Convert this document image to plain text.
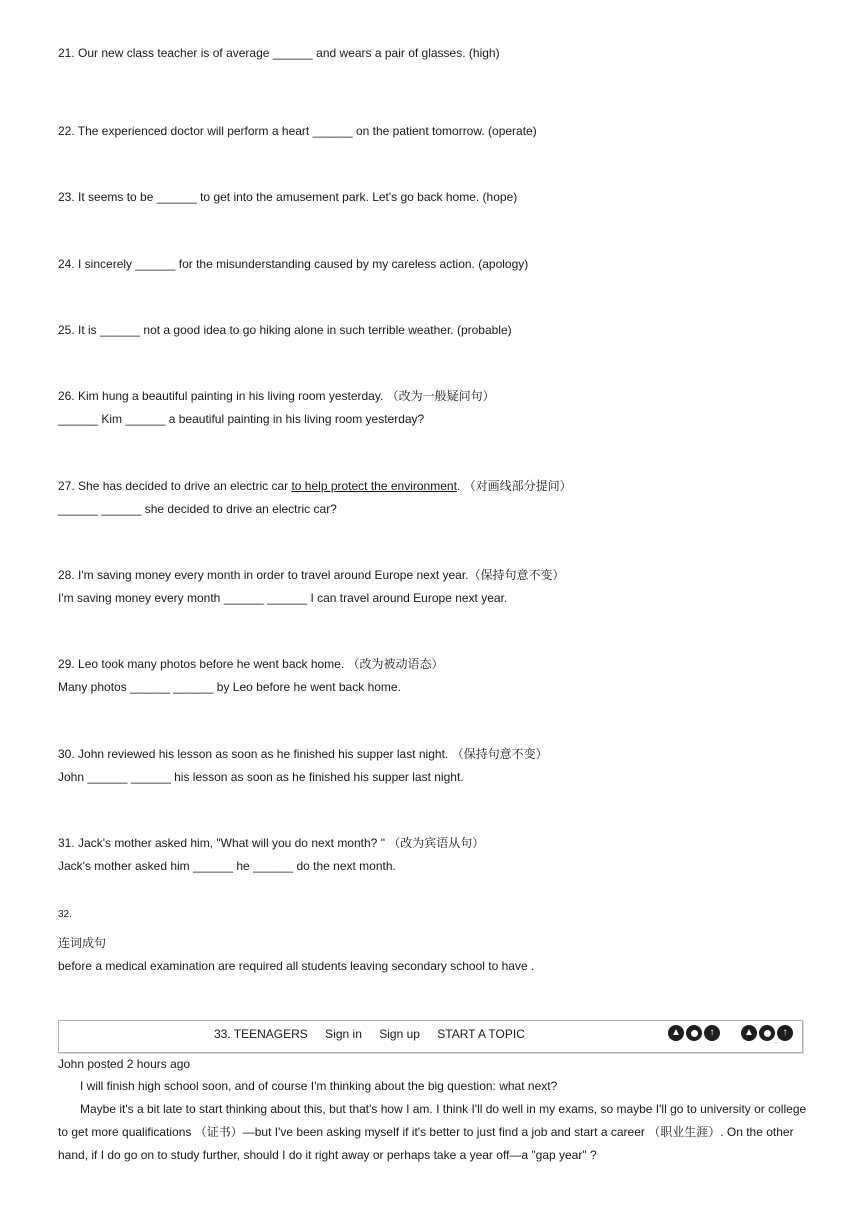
21. Our new class teacher is of average ______ and wears a pair of glasses. (high)
22. The experienced doctor will perform a heart ______ on the patient tomorrow. (operate)
23. It seems to be ______ to get into the amusement park. Let's go back home. (hope)
24. I sincerely ______ for the misunderstanding caused by my careless action. (apology)
25. It is ______ not a good idea to go hiking alone in such terrible weather. (probable)
26. Kim hung a beautiful painting in his living room yesterday. （改为一般疑问句）
______ Kim ______ a beautiful painting in his living room yesterday?
27. She has decided to drive an electric car to help protect the environment. （对画线部分提问）
______ ______ she decided to drive an electric car?
28. I'm saving money every month in order to travel around Europe next year.（保持句意不变）
I'm saving money every month ______ ______ I can travel around Europe next year.
29. Leo took many photos before he went back home. （改为被动语态）
Many photos ______ ______ by Leo before he went back home.
30. John reviewed his lesson as soon as he finished his supper last night. （保持句意不变）
John ______ ______ his lesson as soon as he finished his supper last night.
31. Jack's mother asked him, "What will you do next month? " （改为宾语从句）
Jack's mother asked him ______ he ______ do the next month.
32.
连词成句
before a medical examination are required all students leaving secondary school to have .
33. TEENAGERS Sign in Sign up START A TOPIC	▲	↑	▲	↑
John posted 2 hours ago
I will finish high school soon, and of course I'm thinking about the big question: what next?
Maybe it's a bit late to start thinking about this, but that's how I am. I think I'll do well in my exams, so maybe I'll go to university or college to get more qualifications （证书）—but I've been asking myself if it's better to just find a job and start a career （职业生涯）. On the other hand, if I do go on to study further, should I do it right away or perhaps take a year off—a "gap year" ?
